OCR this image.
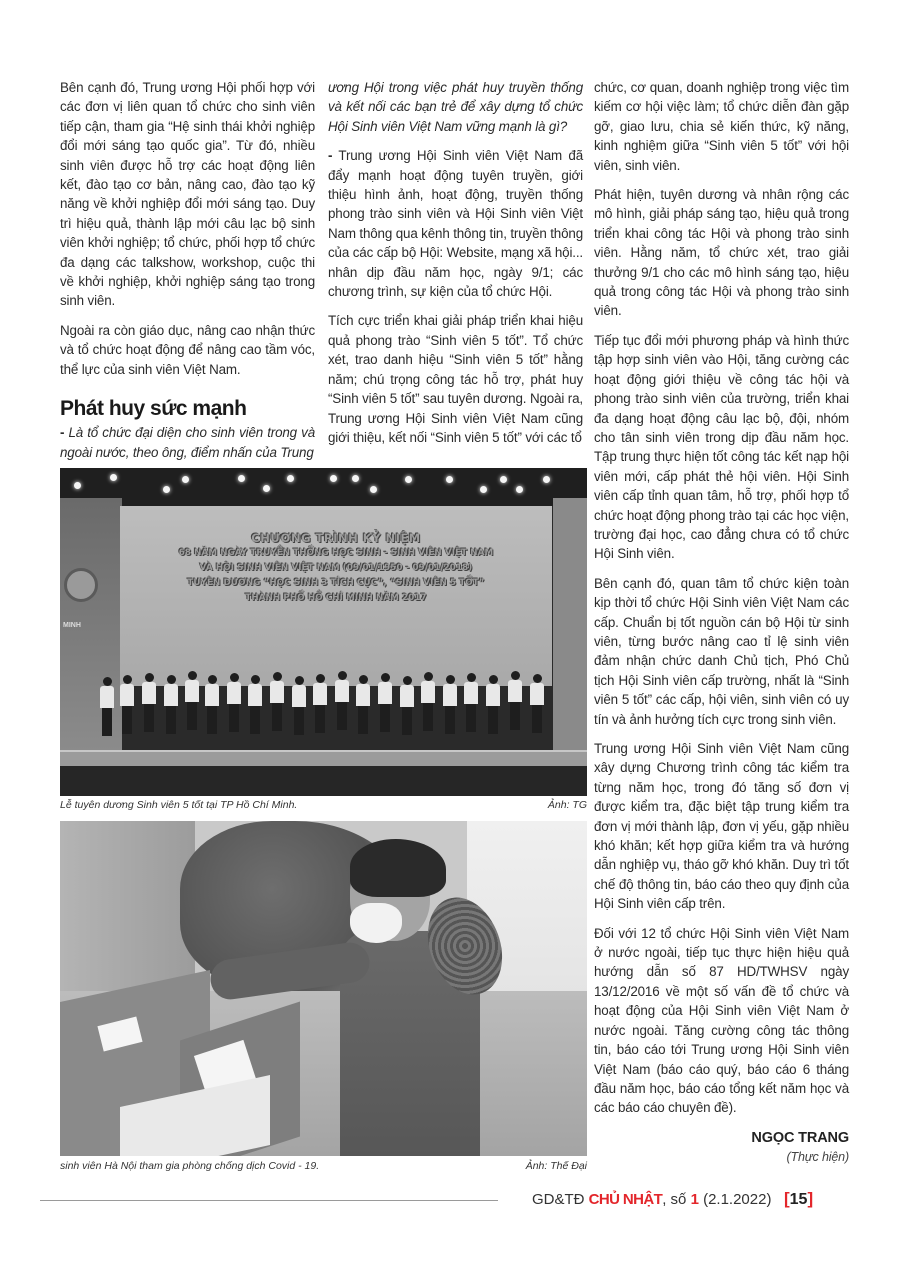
Bên cạnh đó, Trung ương Hội phối hợp với các đơn vị liên quan tổ chức cho sinh viên tiếp cận, tham gia “Hệ sinh thái khởi nghiệp đổi mới sáng tạo quốc gia”. Từ đó, nhiều sinh viên được hỗ trợ các hoạt động liên kết, đào tạo cơ bản, nâng cao, đào tạo kỹ năng về khởi nghiệp đổi mới sáng tạo. Duy trì hiệu quả, thành lập mới câu lạc bộ sinh viên khởi nghiệp; tổ chức, phối hợp tổ chức đa dạng các talkshow, workshop, cuộc thi về khởi nghiệp, khởi nghiệp sáng tạo trong sinh viên.

Ngoài ra còn giáo dục, nâng cao nhận thức và tổ chức hoạt động để nâng cao tầm vóc, thể lực của sinh viên Việt Nam.

Phát huy sức mạnh

- Là tổ chức đại diện cho sinh viên trong và ngoài nước, theo ông, điểm nhấn của Trung

ương Hội trong việc phát huy truyền thống và kết nối các bạn trẻ để xây dựng tổ chức Hội Sinh viên Việt Nam vững mạnh là gì?

- Trung ương Hội Sinh viên Việt Nam đã đẩy mạnh hoạt động tuyên truyền, giới thiệu hình ảnh, hoạt động, truyền thống phong trào sinh viên và Hội Sinh viên Việt Nam thông qua kênh thông tin, truyền thông của các cấp bộ Hội: Website, mạng xã hội... nhân dịp đầu năm học, ngày 9/1; các chương trình, sự kiện của tổ chức Hội.

Tích cực triển khai giải pháp triển khai hiệu quả phong trào “Sinh viên 5 tốt”. Tổ chức xét, trao danh hiệu “Sinh viên 5 tốt” hằng năm; chú trọng công tác hỗ trợ, phát huy “Sinh viên 5 tốt” sau tuyên dương. Ngoài ra, Trung ương Hội Sinh viên Việt Nam cũng giới thiệu, kết nối “Sinh viên 5 tốt” với các tổ

chức, cơ quan, doanh nghiệp trong việc tìm kiếm cơ hội việc làm; tổ chức diễn đàn gặp gỡ, giao lưu, chia sẻ kiến thức, kỹ năng, kinh nghiệm giữa “Sinh viên 5 tốt” với hội viên, sinh viên.

Phát hiện, tuyên dương và nhân rộng các mô hình, giải pháp sáng tạo, hiệu quả trong triển khai công tác Hội và phong trào sinh viên. Hằng năm, tổ chức xét, trao giải thưởng 9/1 cho các mô hình sáng tạo, hiệu quả trong công tác Hội và phong trào sinh viên.

Tiếp tục đổi mới phương pháp và hình thức tập hợp sinh viên vào Hội, tăng cường các hoạt động giới thiệu về công tác hội và phong trào sinh viên của trường, triển khai đa dạng hoạt động câu lạc bộ, đội, nhóm cho tân sinh viên trong dịp đầu năm học. Tập trung thực hiện tốt công tác kết nạp hội viên mới, cấp phát thẻ hội viên. Hội Sinh viên cấp tỉnh quan tâm, hỗ trợ, phối hợp tổ chức hoạt động phong trào tại các học viện, trường đại học, cao đẳng chưa có tổ chức Hội Sinh viên.

Bên cạnh đó, quan tâm tổ chức kiện toàn kịp thời tổ chức Hội Sinh viên Việt Nam các cấp. Chuẩn bị tốt nguồn cán bộ Hội từ sinh viên, từng bước nâng cao tỉ lệ sinh viên đảm nhận chức danh Chủ tịch, Phó Chủ tịch Hội Sinh viên cấp trường, nhất là “Sinh viên 5 tốt” các cấp, hội viên, sinh viên có uy tín và ảnh hưởng tích cực trong sinh viên.

Trung ương Hội Sinh viên Việt Nam cũng xây dựng Chương trình công tác kiểm tra từng năm học, trong đó tăng số đơn vị được kiểm tra, đặc biệt tập trung kiểm tra đơn vị mới thành lập, đơn vị yếu, gặp nhiều khó khăn; kết hợp giữa kiểm tra và hướng dẫn nghiệp vụ, tháo gỡ khó khăn. Duy trì tốt chế độ thông tin, báo cáo theo quy định của Hội Sinh viên cấp trên.

Đối với 12 tổ chức Hội Sinh viên Việt Nam ở nước ngoài, tiếp tục thực hiện hiệu quả hướng dẫn số 87 HD/TWHSV ngày 13/12/2016 về một số vấn đề tổ chức và hoạt động của Hội Sinh viên Việt Nam ở nước ngoài. Tăng cường công tác thông tin, báo cáo tới Trung ương Hội Sinh viên Việt Nam (báo cáo quý, báo cáo 6 tháng đầu năm học, báo cáo tổng kết năm học và các báo cáo chuyên đề).

NGỌC TRANG
(Thực hiện)
MINH
CHƯƠNG TRÌNH KỶ NIỆM
68 NĂM NGÀY TRUYỀN THỐNG HỌC SINH - SINH VIÊN VIỆT NAM
VÀ HỘI SINH VIÊN VIỆT NAM (09/01/1950 - 09/01/2018)
TUYÊN DƯƠNG “HỌC SINH 3 TÍCH CỰC”, “SINH VIÊN 5 TỐT”
THÀNH PHỐ HỒ CHÍ MINH NĂM 2017
Lễ tuyên dương Sinh viên 5 tốt tại TP Hồ Chí Minh.	Ảnh: TG
sinh viên Hà Nội tham gia phòng chống dịch Covid - 19.	Ảnh: Thế Đại
GD&TĐ CHỦ NHẬT, số 1 (2.1.2022) [15]
